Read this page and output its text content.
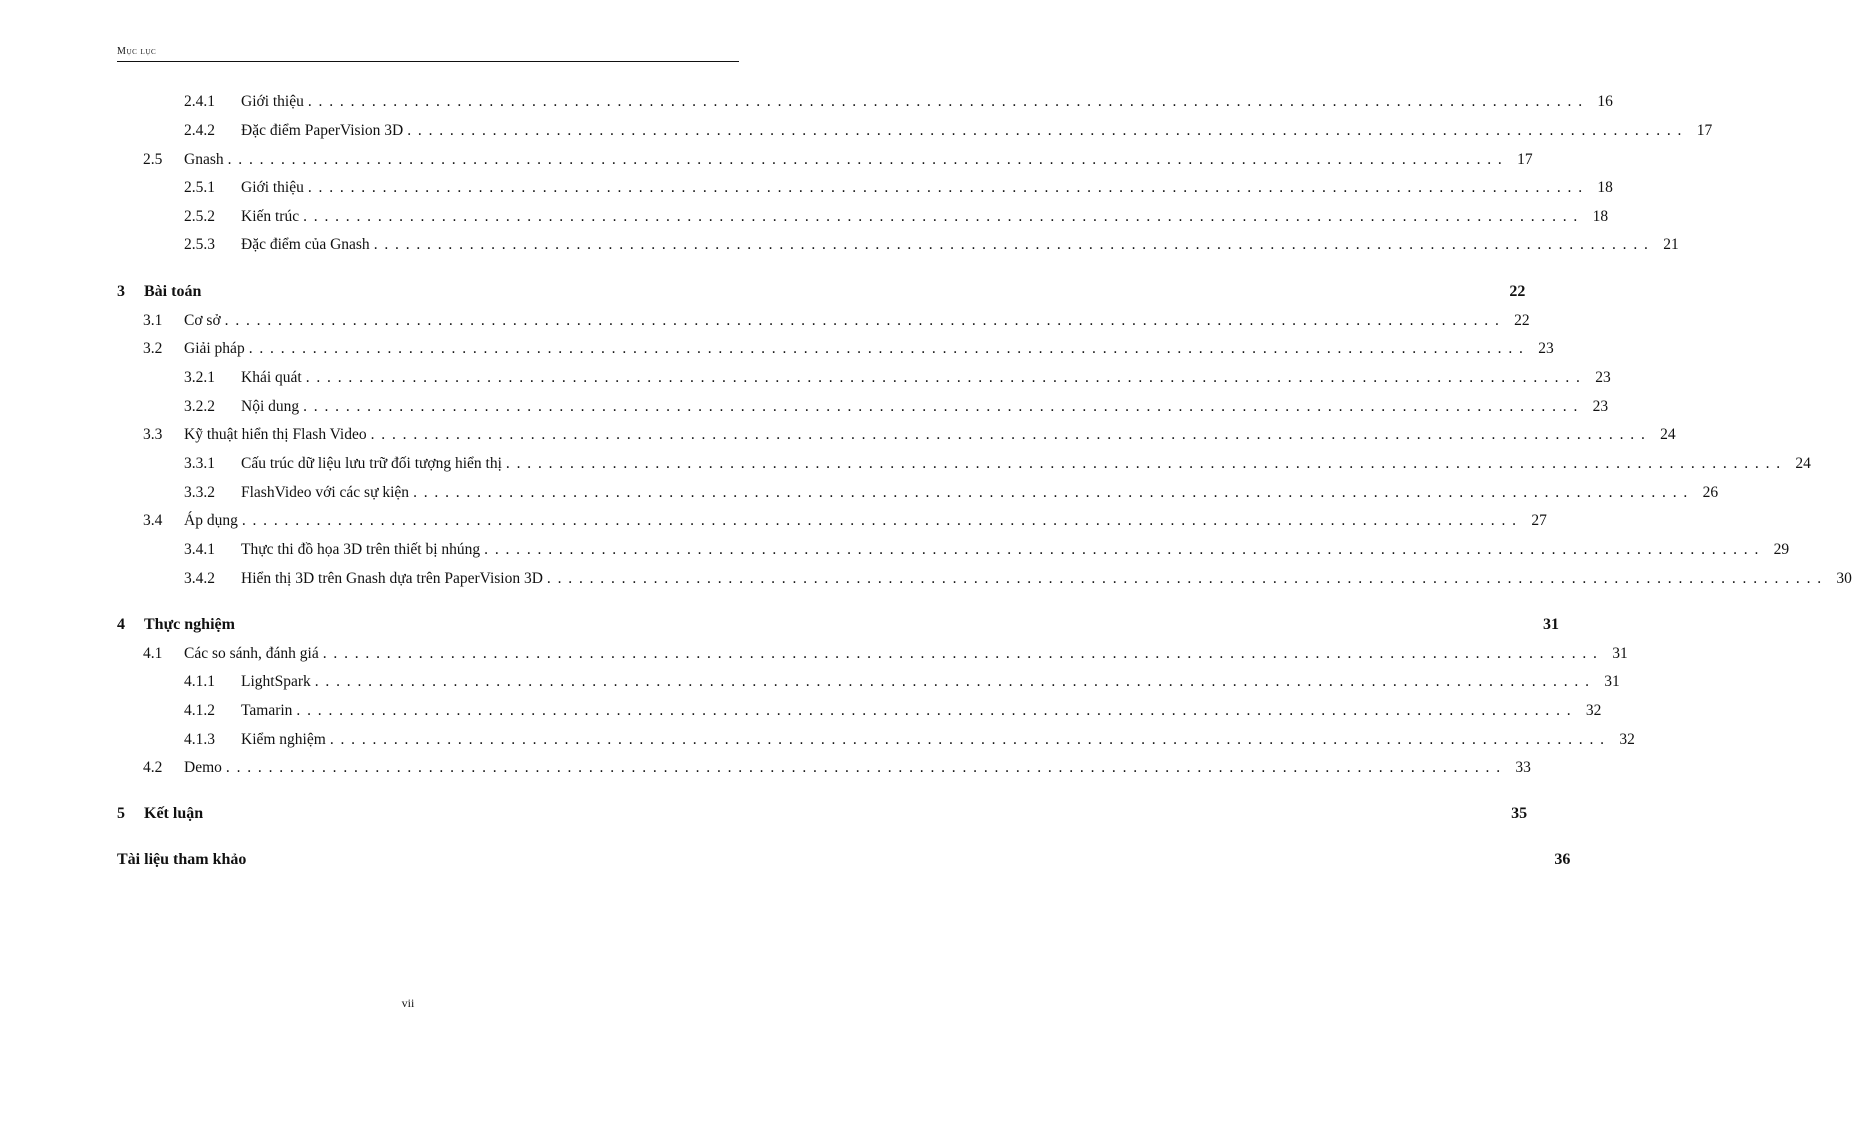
Mục lục
2.4.1	Giới thiệu ........................................................................................................................ 16
2.4.2	Đặc điểm PaperVision 3D ........................................................................................................................ 17
2.5	Gnash ........................................................................................................................ 17
2.5.1	Giới thiệu ........................................................................................................................ 18
2.5.2	Kiến trúc ........................................................................................................................ 18
2.5.3	Đặc điểm của Gnash ........................................................................................................................ 21
3	Bài toán	22
3.1	Cơ sở ........................................................................................................................ 22
3.2	Giải pháp ........................................................................................................................ 23
3.2.1	Khái quát ........................................................................................................................ 23
3.2.2	Nội dung ........................................................................................................................ 23
3.3	Kỹ thuật hiển thị Flash Video ........................................................................................................................ 24
3.3.1	Cấu trúc dữ liệu lưu trữ đối tượng hiển thị ........................................................................................................................ 24
3.3.2	FlashVideo với các sự kiện ........................................................................................................................ 26
3.4	Áp dụng ........................................................................................................................ 27
3.4.1	Thực thi đồ họa 3D trên thiết bị nhúng ........................................................................................................................ 29
3.4.2	Hiển thị 3D trên Gnash dựa trên PaperVision 3D ........................................................................................................................ 30
4	Thực nghiệm	31
4.1	Các so sánh, đánh giá ........................................................................................................................ 31
4.1.1	LightSpark ........................................................................................................................ 31
4.1.2	Tamarin ........................................................................................................................ 32
4.1.3	Kiểm nghiệm ........................................................................................................................ 32
4.2	Demo ........................................................................................................................ 33
5	Kết luận	35
Tài liệu tham khảo	36
vii
